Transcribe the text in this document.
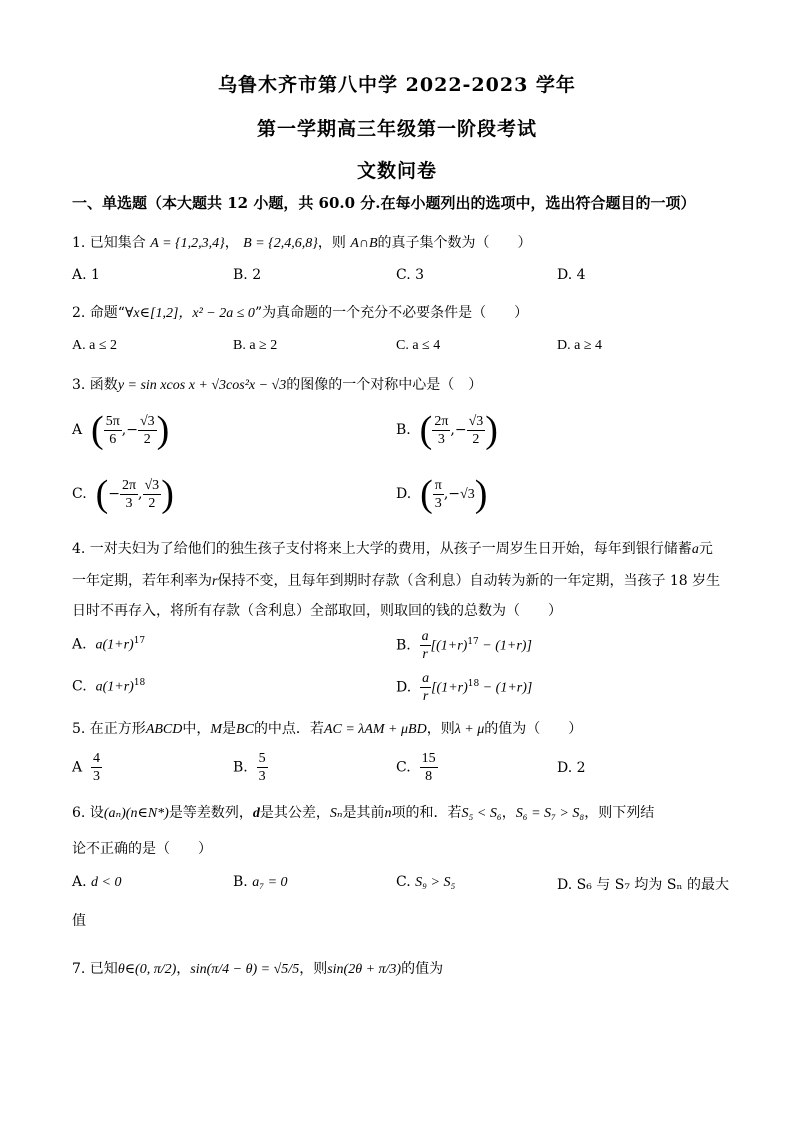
乌鲁木齐市第八中学 2022-2023 学年
第一学期高三年级第一阶段考试
文数问卷
一、单选题（本大题共 12 小题，共 60.0 分.在每小题列出的选项中，选出符合题目的一项）
1. 已知集合 A = {1,2,3,4}， B = {2,4,6,8}，则 A∩B的真子集个数为（　　）
A. 1	B. 2	C. 3	D. 4
2. 命题“∀x∈[1,2]，x² − 2a ≤ 0”为真命题的一个充分不必要条件是（　　）
A. a ≤ 2	B. a ≥ 2	C. a ≤ 4	D. a ≥ 4
3. 函数y = sin xcos x + √3cos²x − √3的图像的一个对称中心是（　）
A ( $\frac{5\pi}{6}$ ,− $\frac{√3}{2}$ )	B. ( $\frac{2\pi}{3}$ ,− $\frac{√3}{2}$ )
C. (− $\frac{2\pi}{3}$ , $\frac{√3}{2}$ )	D. ( $\frac{\pi}{3} ,-√3$)
4. 一对夫妇为了给他们的独生孩子支付将来上大学的费用，从孩子一周岁生日开始，每年到银行储蓄a元
一年定期，若年利率为r保持不变，且每年到期时存款（含利息）自动转为新的一年定期，当孩子 18 岁生
日时不再存入，将所有存款（含利息）全部取回，则取回的钱的总数为（　　）
A. $a(1+r)^{17}$	B. $\frac{a}{r} [(1+r)^{17} - (1+r)]$
C. $a(1+r)^{18}$	D. $\frac{a}{r} [(1+r)^{18} - (1+r)]$
5. 在正方形ABCD中，M是BC的中点．若AC = λAM + μBD，则λ + μ的值为（　　）
A $\frac{4}{3}$	B. $\frac{5}{3}$	C. $\frac{15}{8}$	D. 2
6. 设(aₙ)(n∈N*)是等差数列，d是其公差，Sₙ是其前n项的和．若S₅ < S₆，S₆ = S₇ > S₈，则下列结
论不正确的是（　　）
A. d < 0	B. a₇ = 0	C. S₉ > S₅	D. S₆ 与 S₇ 均为 Sₙ 的最大
值
7. 已知θ∈(0, π/2)，sin(π/4 − θ) = √5/5，则sin(2θ + π/3)的值为
